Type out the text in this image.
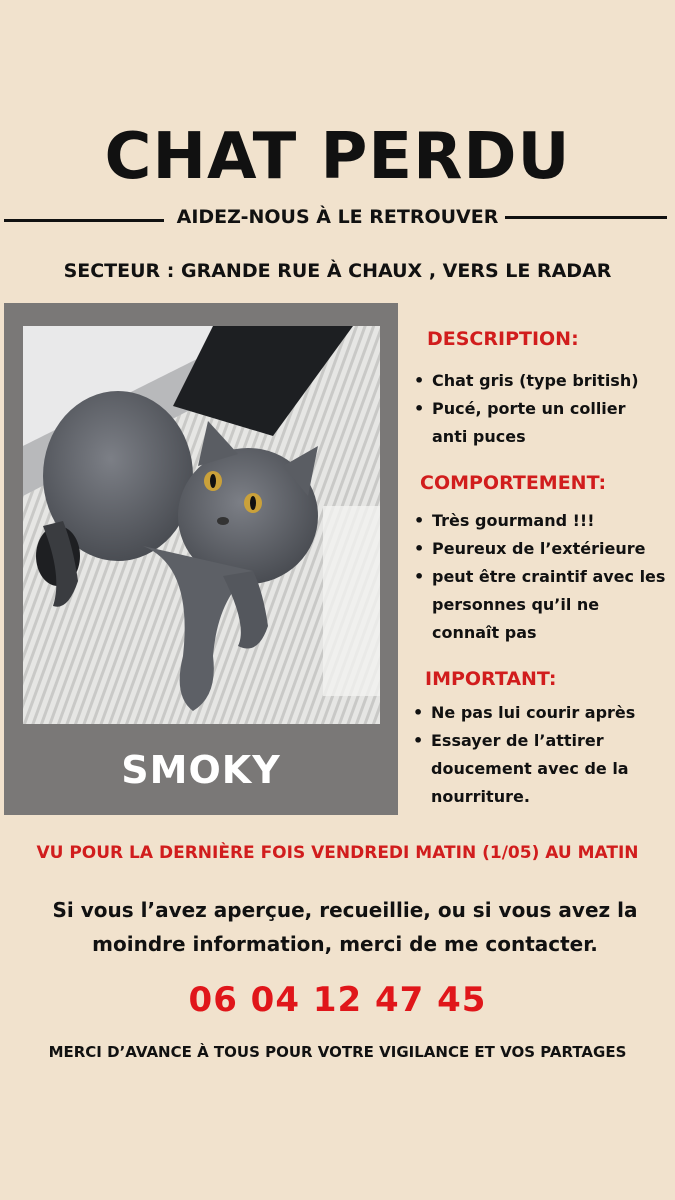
CHAT PERDU
AIDEZ-NOUS À LE RETROUVER
SECTEUR : GRANDE RUE À CHAUX , VERS LE RADAR
SMOKY
DESCRIPTION:
• Chat gris (type british)
• Pucé, porte un collier anti puces
COMPORTEMENT:
• Très gourmand !!!
• Peureux de l’extérieure
• peut être craintif avec les personnes qu’il ne connaît pas
IMPORTANT:
• Ne pas lui courir après
• Essayer de l’attirer doucement avec de la nourriture.
VU POUR LA DERNIÈRE FOIS VENDREDI MATIN (1/05) AU MATIN
Si vous l’avez aperçue, recueillie, ou si vous avez la moindre information, merci de me contacter.
06 04 12 47 45
MERCI D’AVANCE À TOUS POUR VOTRE VIGILANCE ET VOS PARTAGES
